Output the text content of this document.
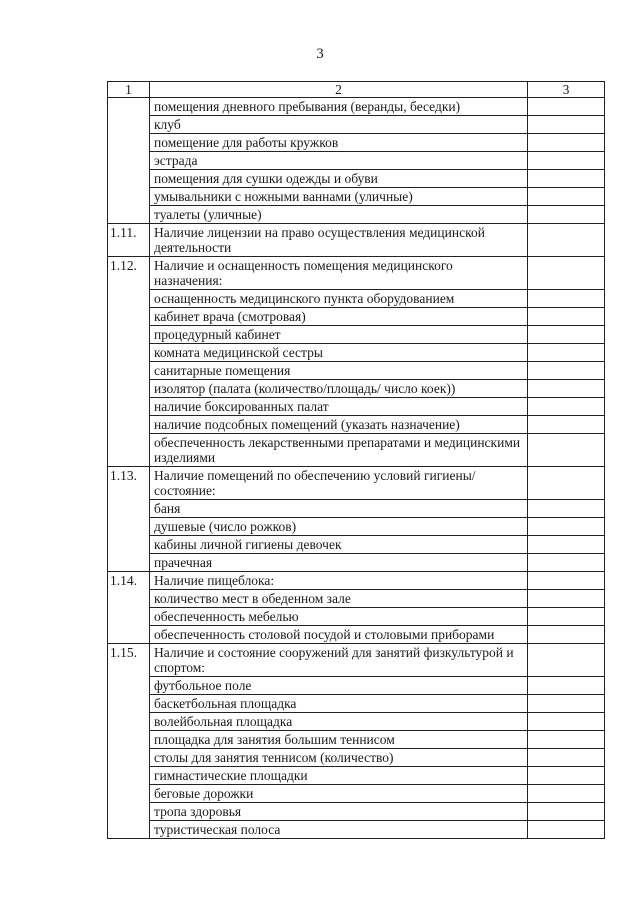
3
1	2	3
	помещения дневного пребывания (веранды, беседки)	
	клуб	
	помещение для работы кружков	
	эстрада	
	помещения для сушки одежды и обуви	
	умывальники с ножными ваннами (уличные)	
	туалеты (уличные)	
1.11.	Наличие лицензии на право осуществления медицинской деятельности	
1.12.	Наличие и оснащенность помещения медицинского назначения:	
	оснащенность медицинского пункта оборудованием	
	кабинет врача (смотровая)	
	процедурный кабинет	
	комната медицинской сестры	
	санитарные помещения	
	изолятор (палата (количество/площадь/ число коек))	
	наличие боксированных палат	
	наличие подсобных помещений (указать назначение)	
	обеспеченность лекарственными препаратами и медицинскими изделиями	
1.13.	Наличие помещений по обеспечению условий гигиены/ состояние:	
	баня	
	душевые (число рожков)	
	кабины личной гигиены девочек	
	прачечная	
1.14.	Наличие пищеблока:	
	количество мест в обеденном зале	
	обеспеченность мебелью	
	обеспеченность столовой посудой и столовыми приборами	
1.15.	Наличие и состояние сооружений для занятий физкультурой и спортом:	
	футбольное поле	
	баскетбольная площадка	
	волейбольная площадка	
	площадка для занятия большим теннисом	
	столы для занятия теннисом (количество)	
	гимнастические площадки	
	беговые дорожки	
	тропа здоровья	
	туристическая полоса	
